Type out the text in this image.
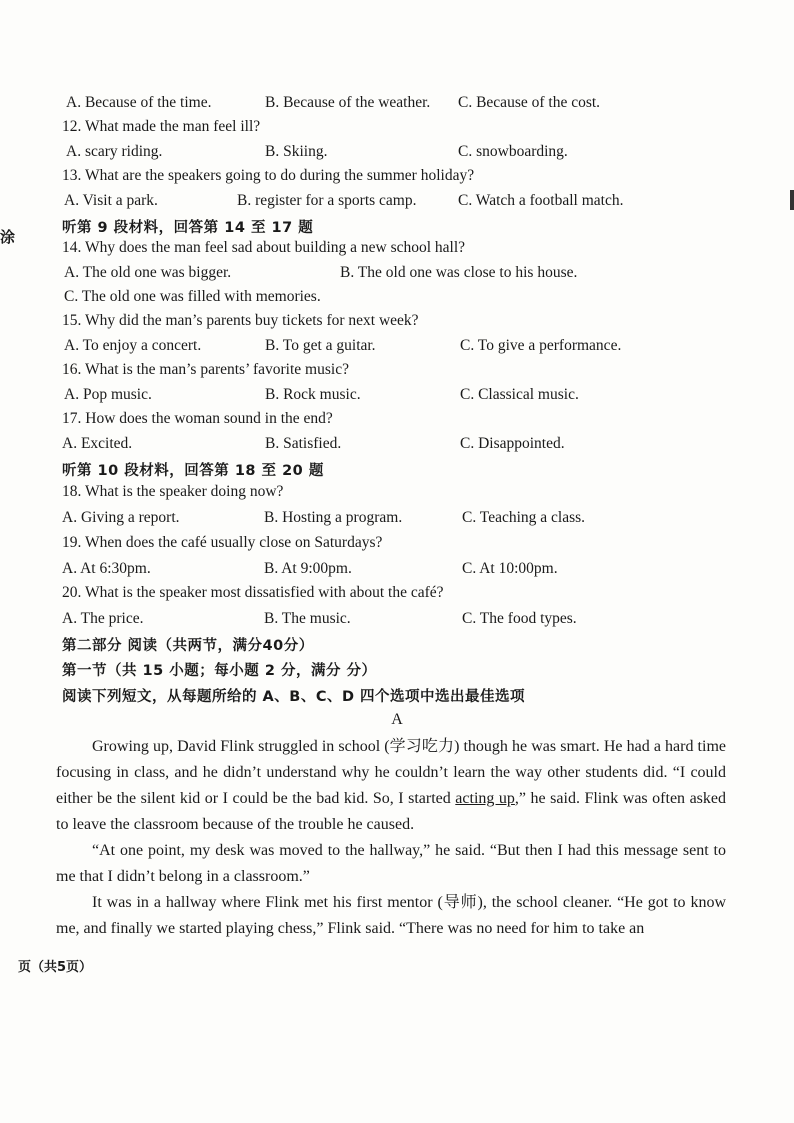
涂
A. Because of the time.	B. Because of the weather. C. Because of the cost.
12. What made the man feel ill?
A. scary riding.	B. Skiing.	C. snowboarding.
13. What are the speakers going to do during the summer holiday?
A. Visit a park.	B. register for a sports camp.	C. Watch a football match.
听第 9 段材料，回答第 14 至 17 题
14. Why does the man feel sad about building a new school hall?
A. The old one was bigger.	B. The old one was close to his house.
C. The old one was filled with memories.
15. Why did the man’s parents buy tickets for next week?
A. To enjoy a concert.	B. To get a guitar.	C. To give a performance.
16. What is the man’s parents’ favorite music?
A. Pop music.	B. Rock music.	C. Classical music.
17. How does the woman sound in the end?
A. Excited.	B. Satisfied.	C. Disappointed.
听第 10 段材料，回答第 18 至 20 题
18. What is the speaker doing now?
A. Giving a report.	B. Hosting a program.	C. Teaching a class.
19. When does the café usually close on Saturdays?
A. At 6:30pm.	B. At 9:00pm.	C. At 10:00pm.
20. What is the speaker most dissatisfied with about the café?
A. The price.	B. The music.	C. The food types.
第二部分 阅读（共两节，满分40分）
第一节（共 15 小题；每小题 2 分，满分 分）
阅读下列短文，从每题所给的 A、B、C、D 四个选项中选出最佳选项
A
Growing up, David Flink struggled in school (学习吃力) though he was smart. He had a hard time focusing in class, and he didn’t understand why he couldn’t learn the way other students did. “I could either be the silent kid or I could be the bad kid. So, I started acting up,” he said. Flink was often asked to leave the classroom because of the trouble he caused.
“At one point, my desk was moved to the hallway,” he said. “But then I had this message sent to me that I didn’t belong in a classroom.”
It was in a hallway where Flink met his first mentor (导师), the school cleaner. “He got to know me, and finally we started playing chess,” Flink said. “There was no need for him to take an
页（共5页）
